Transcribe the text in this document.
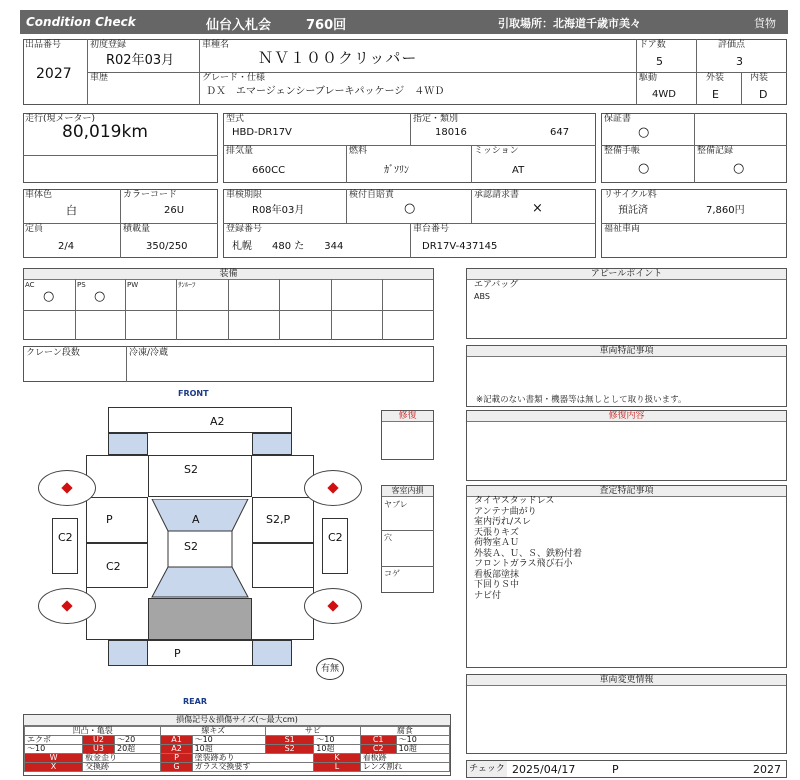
Condition Check	仙台入札会	760回	引取場所：北海道千歳市美々	貨物
出品番号
2027
初度登録
R02年03月
車歴
車種名
ＮＶ１００クリッパー
グレード・仕様
ＤＸ　エマージェンシーブレーキパッケージ　４ＷＤ
ドア数
5
駆動
4WD
評価点
3
外装
E
内装
D
走行(現メーター)
80,019km
型式
HBD-DR17V
指定・類別
18016	647
排気量
660CC
燃料
ｶﾞｿﾘﾝ
ミッション
AT
保証書
○
整備手帳
○
整備記録
○
車体色
白
カラーコード
26U
定員
2/4
積載量
350/250
車検期限
R08年03月
検付自賠責
○
承認請求書
×
登録番号
札幌　　480 た　　344
車台番号
DR17V-437145
リサイクル料
預託済	7,860円
福祉車両
装備
AC	PS	PW	ｻﾝﾙｰﾌ
○	○
クレーン段数	冷凍/冷蔵
アピールポイント
エアバッグ
ABS
車両特記事項
※記載のない書類・機器等は無しとして取り扱います。
修復内容
査定特記事項
タイヤスタッドレス
アンテナ曲がり
室内汚れ/スレ
天張りキズ
荷物室ＡＵ
外装Ａ、Ｕ、Ｓ、鉄粉付着
フロントガラス飛び石小
看板部塗抹
下回りＳ中
ナビ付
車両変更情報
修復
客室内損
ヤブレ
穴
コゲ
FRONT
REAR
A2
S2
P	A	S2,P
S2
C2
C2
C2
P
有無
損傷記号＆損傷サイズ(～最大cm)
凹凸・亀裂			線キズ		サビ		腐食	
エクボ	U2	～20	A1	～10	S1	～10	C1	～10
～10	U3	20超	A2	10超	S2	10超	C2	10超
W	板金歪り		P	塗装跡あり		K	看板跡	
X	交換跡		G	ガラス交換要す		L	レンズ割れ		チェック 2025/04/17	P	2027
